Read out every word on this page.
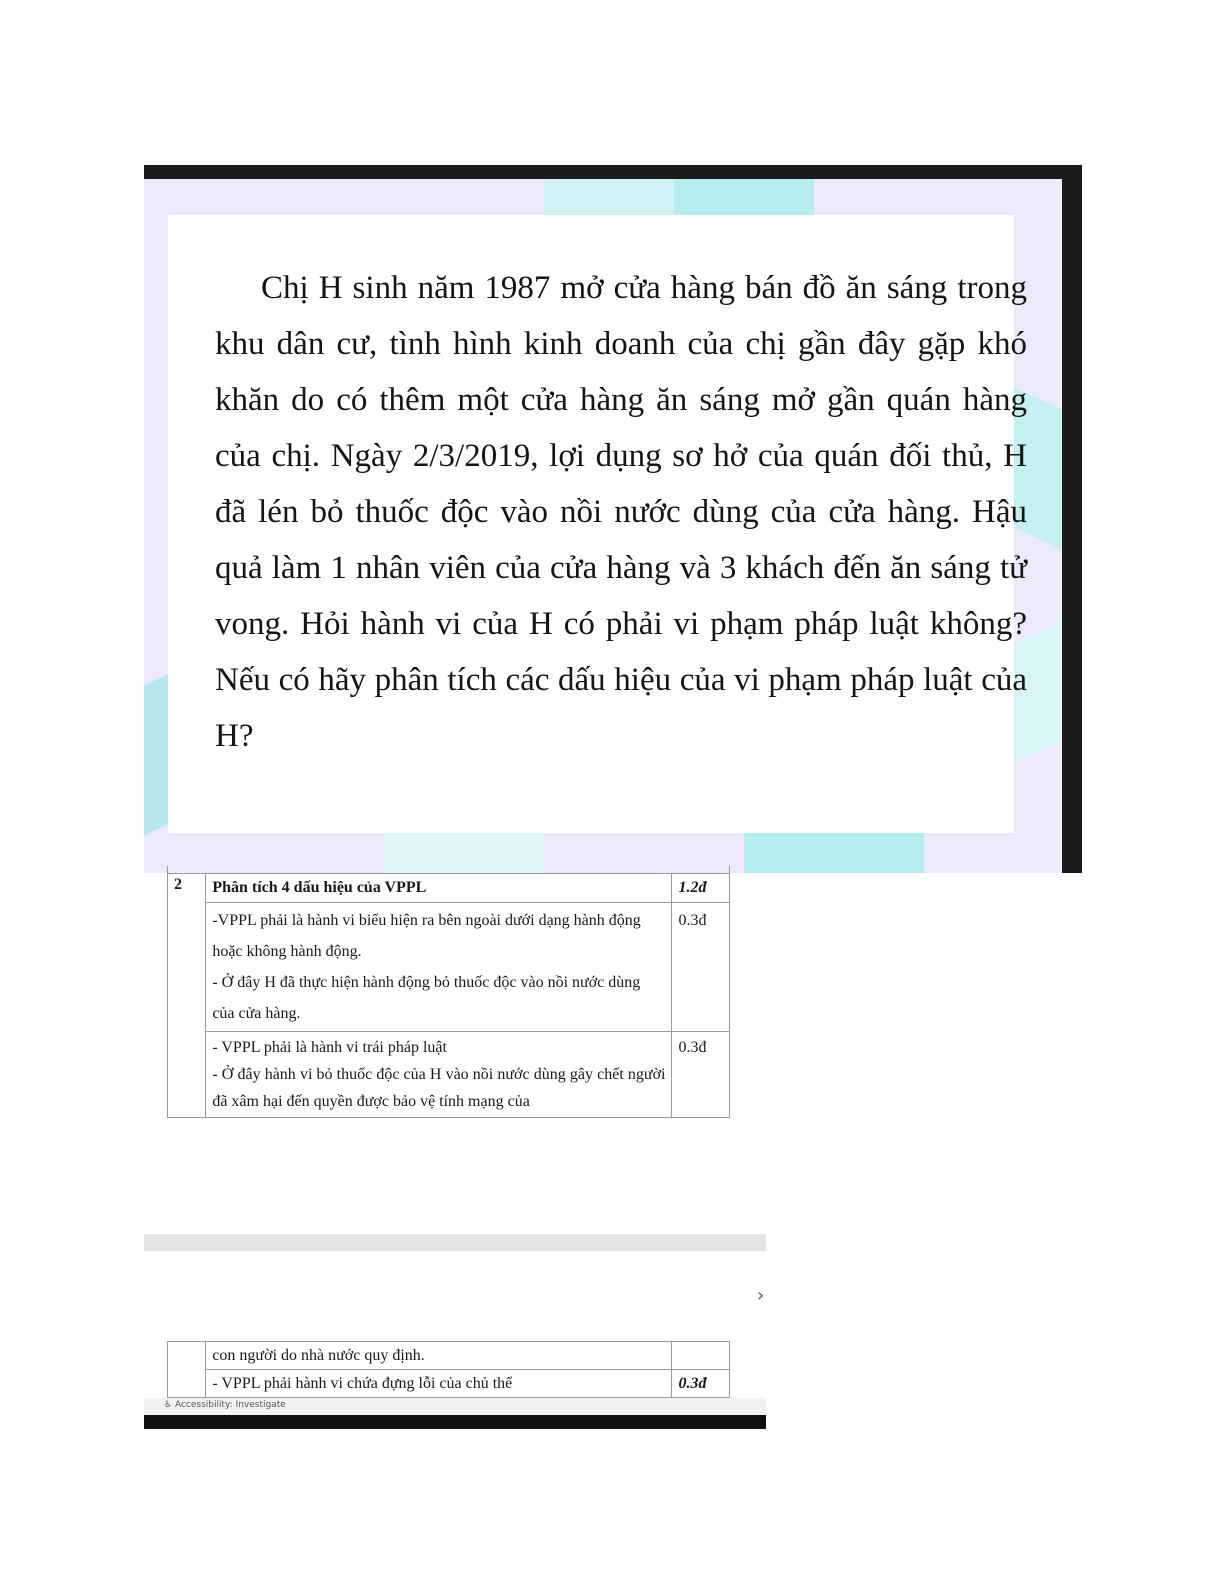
Chị H sinh năm 1987 mở cửa hàng bán đồ ăn sáng trong khu dân cư, tình hình kinh doanh của chị gần đây gặp khó khăn do có thêm một cửa hàng ăn sáng mở gần quán hàng của chị. Ngày 2/3/2019, lợi dụng sơ hở của quán đối thủ, H đã lén bỏ thuốc độc vào nồi nước dùng của cửa hàng. Hậu quả làm 1 nhân viên của cửa hàng và 3 khách đến ăn sáng tử vong. Hỏi hành vi của H có phải vi phạm pháp luật không? Nếu có hãy phân tích các dấu hiệu của vi phạm pháp luật của H?

2	Phân tích 4 dấu hiệu của VPPL	1.2đ

	-VPPL phải là hành vi biểu hiện ra bên ngoài dưới dạng hành động hoặc không hành động.
- Ở đây H đã thực hiện hành động bỏ thuốc độc vào nồi nước dùng của cửa hàng.	0.3đ

	- VPPL phải là hành vi trái pháp luật
- Ở đây hành vi bỏ thuốc độc của H vào nồi nước dùng gây chết người đã xâm hại đến quyền được bảo vệ tính mạng của	0.3đ
›
	con người do nhà nước quy định.	
	- VPPL phải hành vi chứa đựng lỗi của chủ thể	0.3đ
♿ Accessibility: Investigate
